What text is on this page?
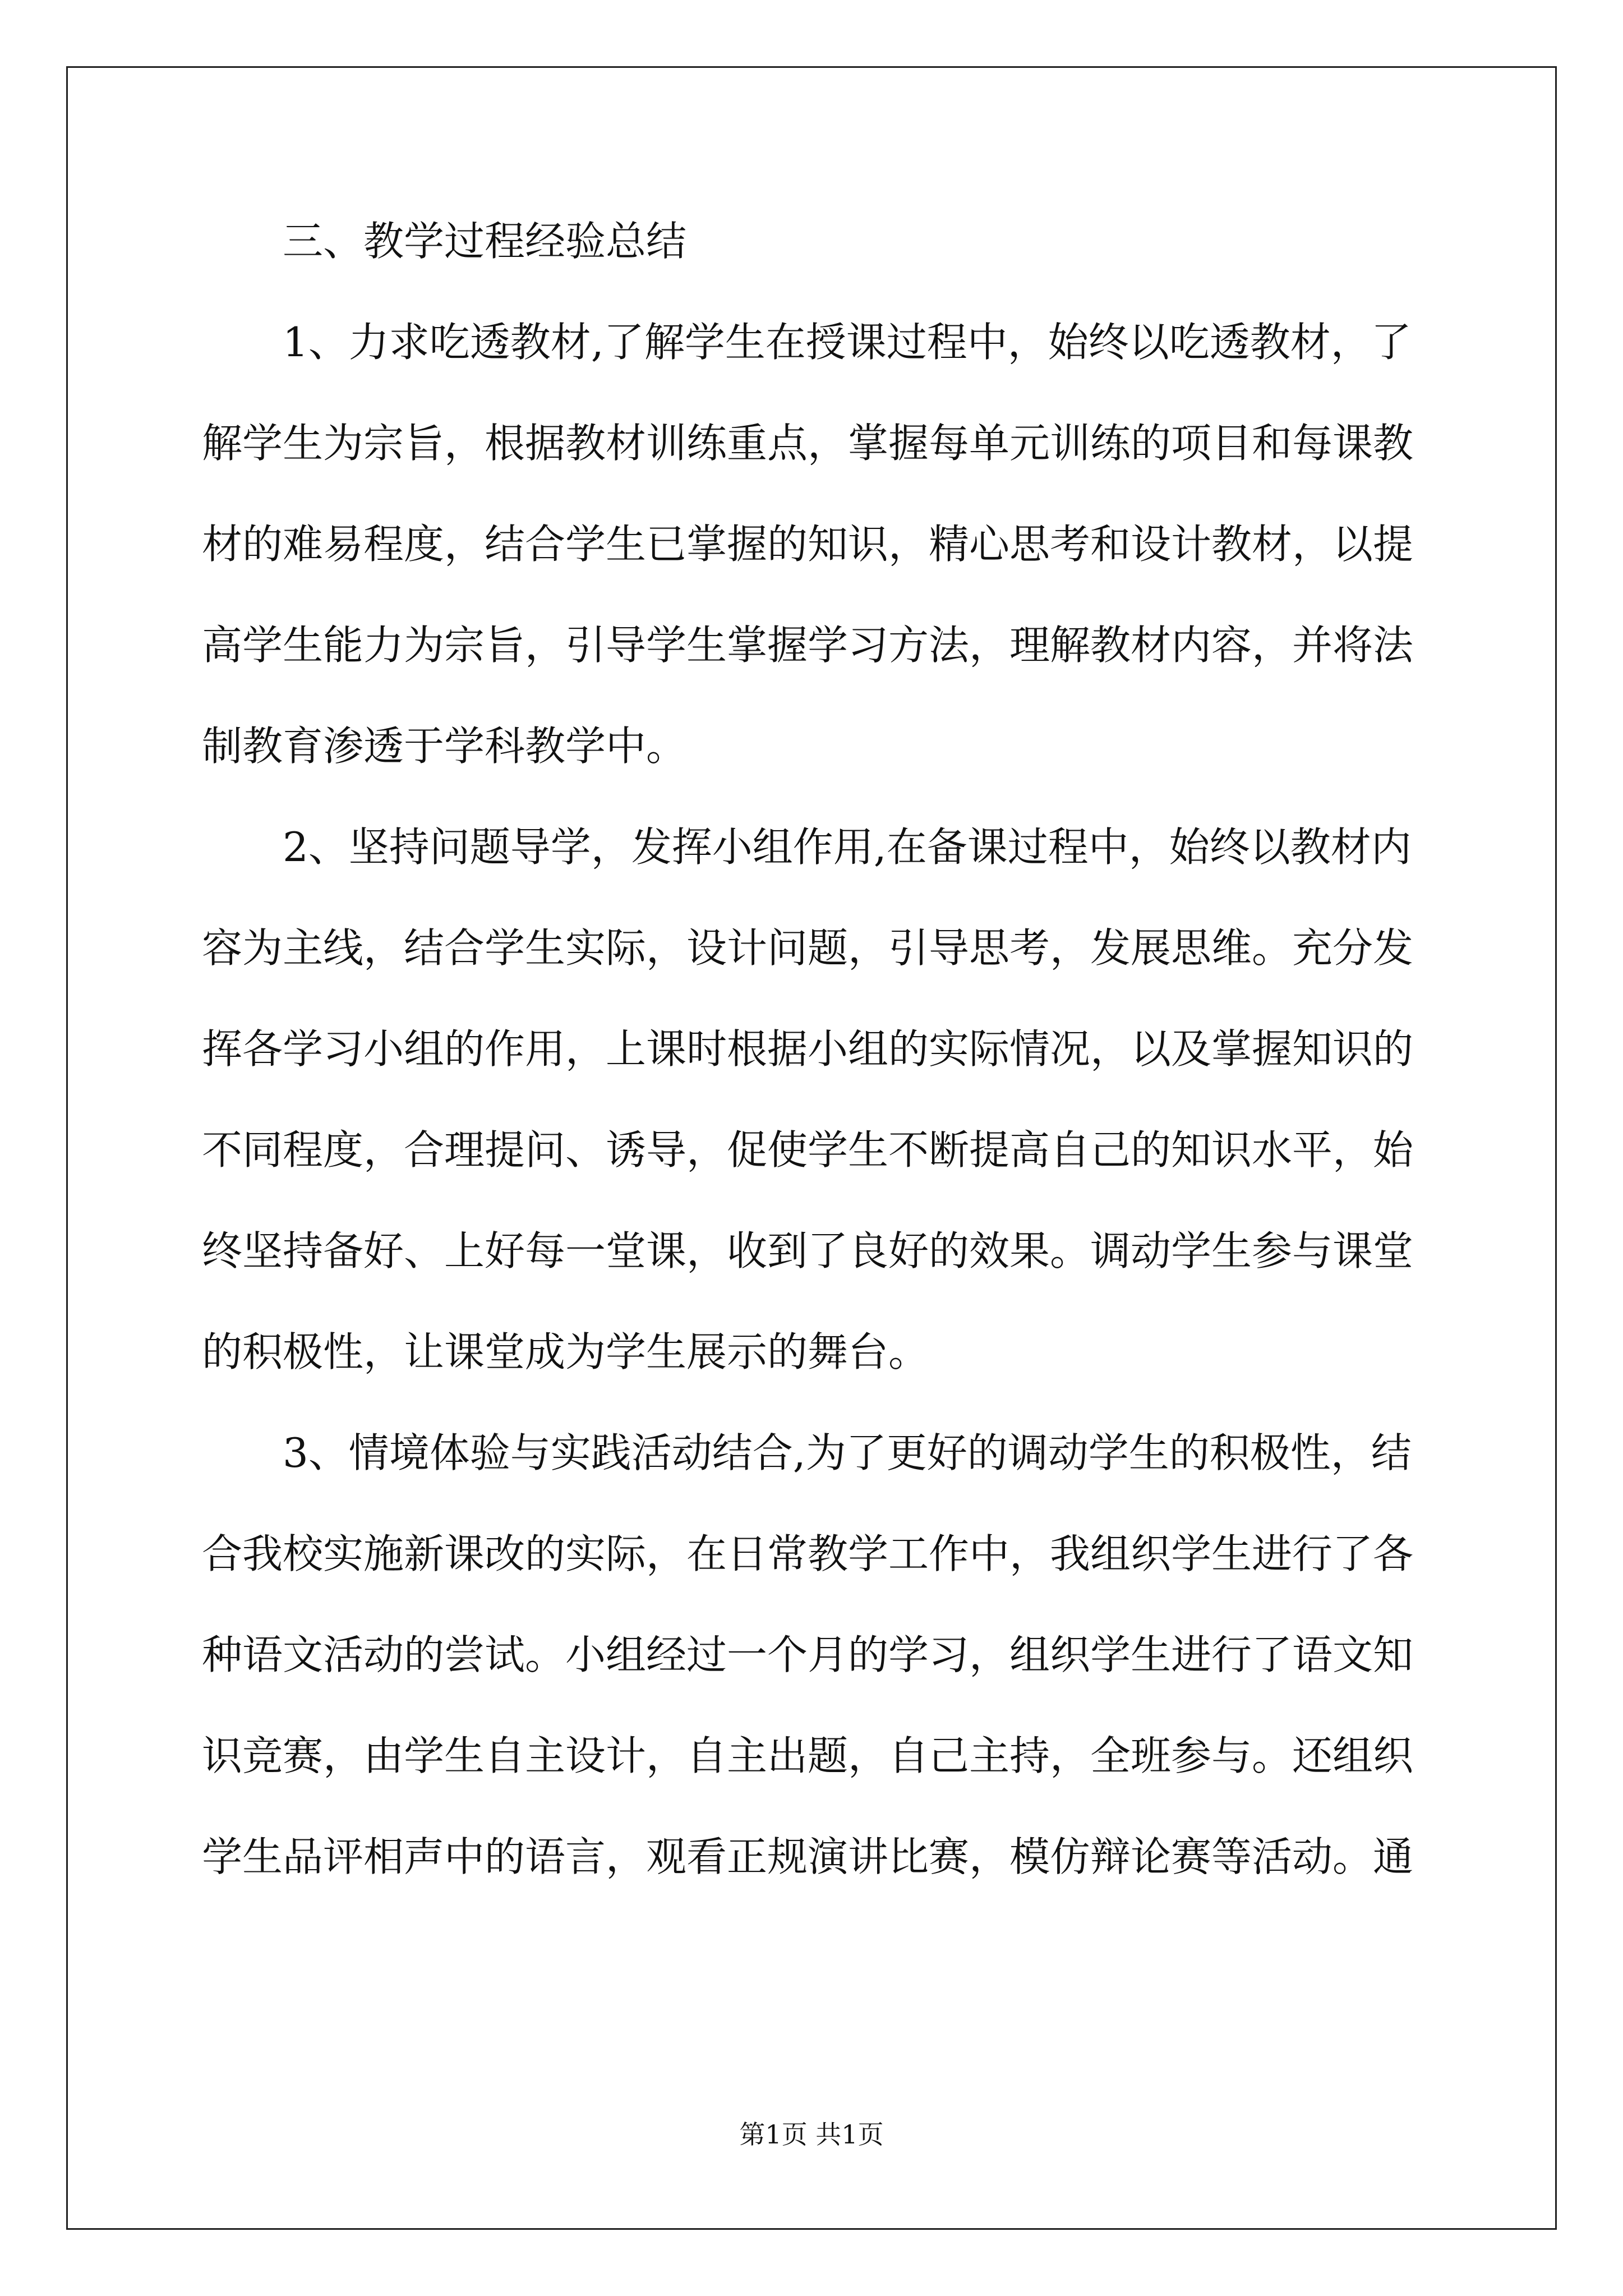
三、教学过程经验总结
1、力求吃透教材,了解学生在授课过程中，始终以吃透教材，了
解学生为宗旨，根据教材训练重点，掌握每单元训练的项目和每课教
材的难易程度，结合学生已掌握的知识，精心思考和设计教材，以提
高学生能力为宗旨，引导学生掌握学习方法，理解教材内容，并将法
制教育渗透于学科教学中。
2、坚持问题导学，发挥小组作用,在备课过程中，始终以教材内
容为主线，结合学生实际，设计问题，引导思考，发展思维。充分发
挥各学习小组的作用，上课时根据小组的实际情况，以及掌握知识的
不同程度，合理提问、诱导，促使学生不断提高自己的知识水平，始
终坚持备好、上好每一堂课，收到了良好的效果。调动学生参与课堂
的积极性，让课堂成为学生展示的舞台。
3、情境体验与实践活动结合,为了更好的调动学生的积极性，结
合我校实施新课改的实际，在日常教学工作中，我组织学生进行了各
种语文活动的尝试。小组经过一个月的学习，组织学生进行了语文知
识竞赛，由学生自主设计，自主出题，自己主持，全班参与。还组织
学生品评相声中的语言，观看正规演讲比赛，模仿辩论赛等活动。通
第1页 共1页
